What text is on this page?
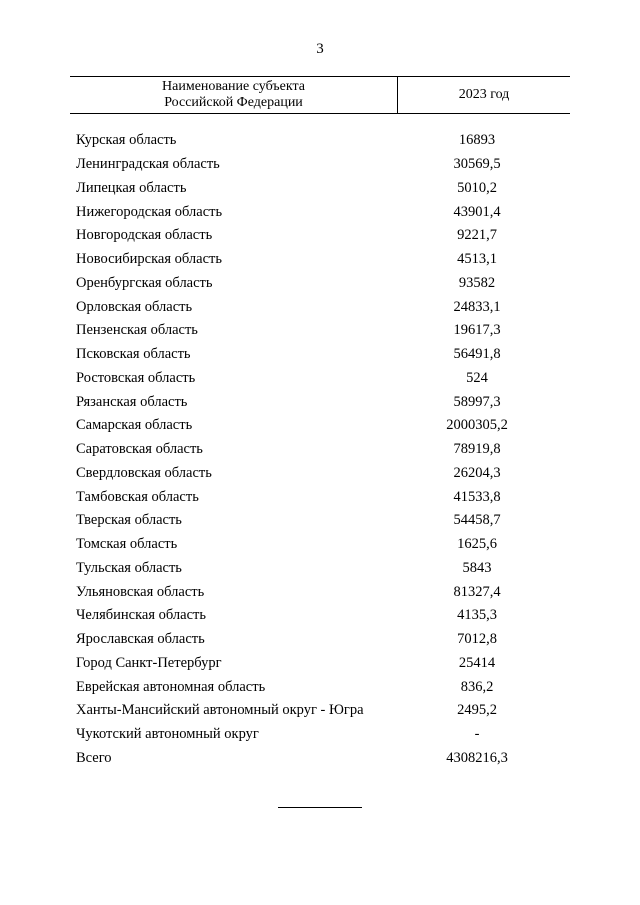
3
Наименование субъекта
Российской Федерации
2023 год
Курская область	16893
Ленинградская область	30569,5
Липецкая область	5010,2
Нижегородская область	43901,4
Новгородская область	9221,7
Новосибирская область	4513,1
Оренбургская область	93582
Орловская область	24833,1
Пензенская область	19617,3
Псковская область	56491,8
Ростовская область	524
Рязанская область	58997,3
Самарская область	2000305,2
Саратовская область	78919,8
Свердловская область	26204,3
Тамбовская область	41533,8
Тверская область	54458,7
Томская область	1625,6
Тульская область	5843
Ульяновская область	81327,4
Челябинская область	4135,3
Ярославская область	7012,8
Город Санкт-Петербург	25414
Еврейская автономная область	836,2
Ханты-Мансийский автономный округ - Югра	2495,2
Чукотский автономный округ	-
Всего	4308216,3
